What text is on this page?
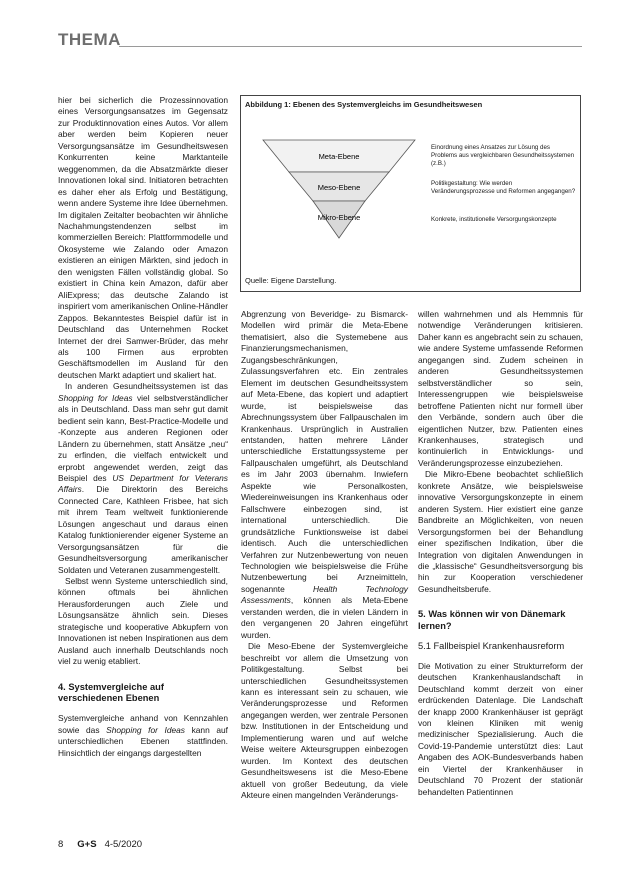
THEMA

hier bei sicherlich die Prozessinnovation eines Versorgungsansatzes im Gegensatz zur Produktinnovation eines Autos. Vor allem aber werden beim Kopieren neuer Versorgungsansätze im Gesundheitswesen Konkurrenten keine Marktanteile weggenommen, da die Absatzmärkte dieser Innovationen lokal sind. Initiatoren betrachten es daher eher als Erfolg und Bestätigung, wenn andere Systeme ihre Idee übernehmen. Im digitalen Zeitalter beobachten wir ähnliche Nachahmungstendenzen selbst im kommerziellen Bereich: Plattformmodelle und Ökosysteme wie Zalando oder Amazon existieren an einigen Märkten, sind jedoch in den wenigsten Fällen vollständig global. So existiert in China kein Amazon, dafür aber AliExpress; das deutsche Zalando ist inspiriert vom amerikanischen Online-Händler Zappos. Bekanntestes Beispiel dafür ist in Deutschland das Unternehmen Rocket Internet der drei Samwer-Brüder, das mehr als 100 Firmen aus erprobten Geschäftsmodellen im Ausland für den deutschen Markt adaptiert und skaliert hat.

In anderen Gesundheitssystemen ist das Shopping for Ideas viel selbstverständlicher als in Deutschland. Dass man sehr gut damit bedient sein kann, Best-Practice-Modelle und -Konzepte aus anderen Regionen oder Ländern zu übernehmen, statt Ansätze „neu“ zu erfinden, die vielfach entwickelt und erprobt angewendet werden, zeigt das Beispiel des US Department for Veterans Affairs. Die Direktorin des Bereichs Connected Care, Kathleen Frisbee, hat sich mit ihrem Team weltweit funktionierende Lösungen angeschaut und daraus einen Katalog funktionierender eigener Systeme an Versorgungsansätzen für die Gesundheitsversorgung amerikanischer Soldaten und Veteranen zusammengestellt.

Selbst wenn Systeme unterschiedlich sind, können oftmals bei ähnlichen Herausforderungen auch Ziele und Lösungsansätze ähnlich sein. Dieses strategische und kooperative Abkupfern von Innovationen ist neben Inspirationen aus dem Ausland auch innerhalb Deutschlands noch viel zu wenig etabliert.

4. Systemvergleiche auf verschiedenen Ebenen

Systemvergleiche anhand von Kennzahlen sowie das Shopping for Ideas kann auf unterschiedlichen Ebenen stattfinden. Hinsichtlich der eingangs dargestellten

Meta-Ebene
Meso-Ebene
Mikro-Ebene
Einordnung eines Ansatzes zur Lösung des Problems aus vergleichbaren Gesundheitssystemen (z.B.)
Politikgestaltung: Wie werden Veränderungsprozesse und Reformen angegangen?
Konkrete, institutionelle Versorgungskonzepte
Abbildung 1: Ebenen des Systemvergleichs im Gesundheitswesen
Quelle: Eigene Darstellung.

Abgrenzung von Beveridge- zu Bismarck-Modellen wird primär die Meta-Ebene thematisiert, also die Systemebene aus Finanzierungsmechanismen, Zugangsbeschränkungen, Zulassungsverfahren etc. Ein zentrales Element im deutschen Gesundheitssystem auf Meta-Ebene, das kopiert und adaptiert wurde, ist beispielsweise das Abrechnungssystem über Fallpauschalen im Krankenhaus. Ursprünglich in Australien entstanden, hatten mehrere Länder unterschiedliche Erstattungssysteme per Fallpauschalen umgeführt, als Deutschland es im Jahr 2003 übernahm. Inwiefern Aspekte wie Personalkosten, Wiedereinweisungen ins Krankenhaus oder Fallschwere einbezogen sind, ist international unterschiedlich. Die grundsätzliche Funktionsweise ist dabei identisch. Auch die unterschiedlichen Verfahren zur Nutzenbewertung von neuen Technologien wie beispielsweise die Frühe Nutzenbewertung bei Arzneimitteln, sogenannte Health Technology Assessments, können als Meta-Ebene verstanden werden, die in vielen Ländern in den vergangenen 20 Jahren eingeführt wurden.

Die Meso-Ebene der Systemvergleiche beschreibt vor allem die Umsetzung von Politikgestaltung. Selbst bei unterschiedlichen Gesundheitssystemen kann es interessant sein zu schauen, wie Veränderungsprozesse und Reformen angegangen werden, wer zentrale Personen bzw. Institutionen in der Entscheidung und Implementierung waren und auf welche Weise weitere Akteursgruppen einbezogen wurden. Im Kontext des deutschen Gesundheitswesens ist die Meso-Ebene aktuell von großer Bedeutung, da viele Akteure einen mangelnden Veränderungs-

willen wahrnehmen und als Hemmnis für notwendige Veränderungen kritisieren. Daher kann es angebracht sein zu schauen, wie andere Systeme umfassende Reformen angegangen sind. Zudem scheinen in anderen Gesundheitssystemen selbstverständlicher so sein, Interessengruppen wie beispielsweise betroffene Patienten nicht nur formell über den Verbände, sondern auch über die eigentlichen Nutzer, bzw. Patienten eines Krankenhauses, strategisch und kontinuierlich in Entwicklungs- und Veränderungsprozesse einzubeziehen.

Die Mikro-Ebene beobachtet schließlich konkrete Ansätze, wie beispielsweise innovative Versorgungskonzepte in einem anderen System. Hier existiert eine ganze Bandbreite an Möglichkeiten, von neuen Versorgungsformen bei der Behandlung einer spezifischen Indikation, über die Integration von digitalen Anwendungen in die „klassische“ Gesundheitsversorgung bis hin zur Kooperation verschiedener Gesundheitsberufe.

5. Was können wir von Dänemark lernen?
5.1 Fallbeispiel Krankenhausreform

Die Motivation zu einer Strukturreform der deutschen Krankenhauslandschaft in Deutschland kommt derzeit von einer erdrückenden Datenlage. Die Landschaft der knapp 2000 Krankenhäuser ist geprägt von kleinen Kliniken mit wenig medizinischer Spezialisierung. Auch die Covid-19-Pandemie unterstützt dies: Laut Angaben des AOK-Bundesverbands haben ein Viertel der Krankenhäuser in Deutschland 70 Prozent der stationär behandelten Patientinnen

8 G+S 4-5/2020
